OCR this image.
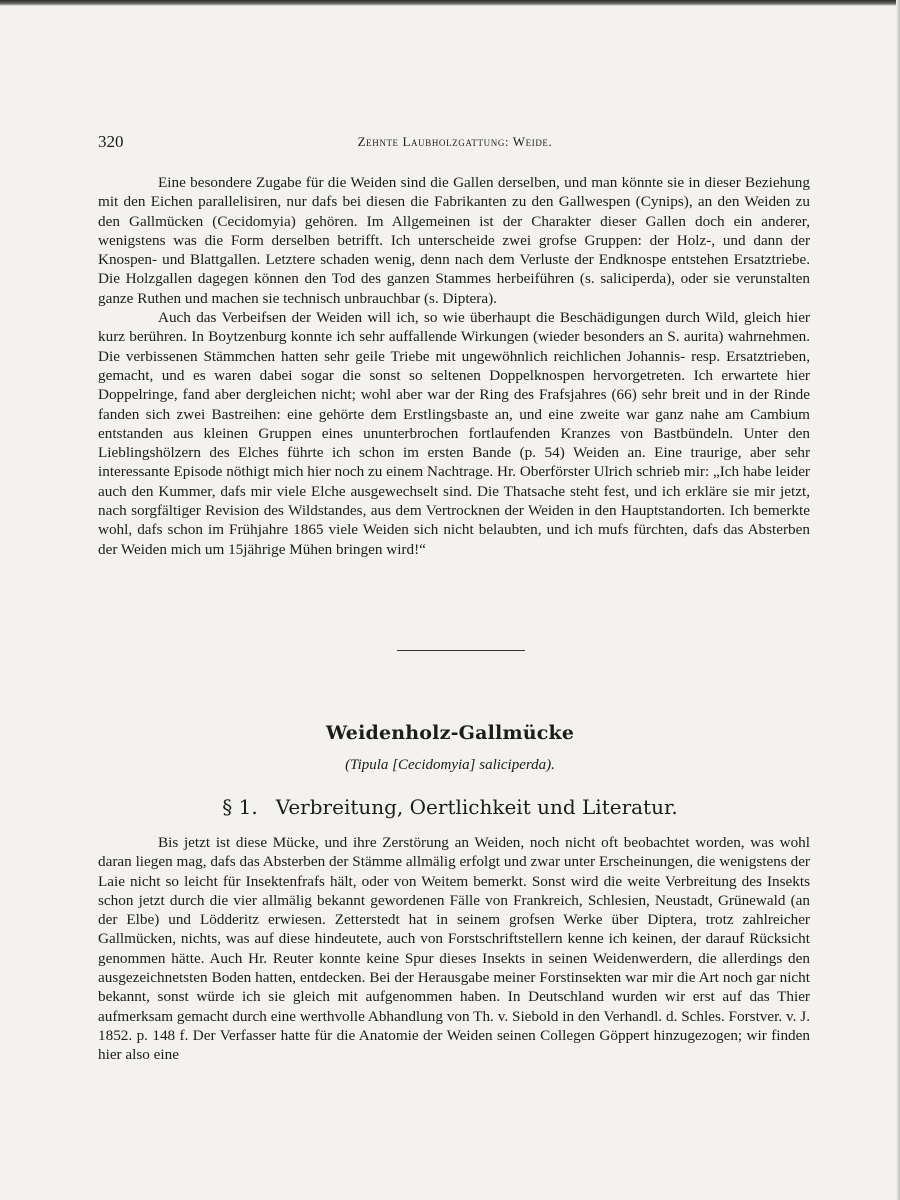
320	Zehnte Laubholzgattung: Weide.

Eine besondere Zugabe für die Weiden sind die Gallen derselben, und man könnte sie in dieser Beziehung mit den Eichen parallelisiren, nur dafs bei diesen die Fabrikanten zu den Gallwespen (Cynips), an den Weiden zu den Gallmücken (Cecidomyia) gehören. Im Allgemeinen ist der Charakter dieser Gallen doch ein anderer, wenigstens was die Form derselben betrifft. Ich unterscheide zwei grofse Gruppen: der Holz-, und dann der Knospen- und Blattgallen. Letztere schaden wenig, denn nach dem Verluste der Endknospe entstehen Ersatztriebe. Die Holzgallen dagegen können den Tod des ganzen Stammes herbeiführen (s. saliciperda), oder sie verunstalten ganze Ruthen und machen sie technisch unbrauchbar (s. Diptera).

Auch das Verbeifsen der Weiden will ich, so wie überhaupt die Beschädigungen durch Wild, gleich hier kurz berühren. In Boytzenburg konnte ich sehr auffallende Wirkungen (wieder besonders an S. aurita) wahrnehmen. Die verbissenen Stämmchen hatten sehr geile Triebe mit ungewöhnlich reichlichen Johannis- resp. Ersatztrieben, gemacht, und es waren dabei sogar die sonst so seltenen Doppelknospen hervorgetreten. Ich erwartete hier Doppelringe, fand aber dergleichen nicht; wohl aber war der Ring des Frafsjahres (66) sehr breit und in der Rinde fanden sich zwei Bastreihen: eine gehörte dem Erstlingsbaste an, und eine zweite war ganz nahe am Cambium entstanden aus kleinen Gruppen eines ununterbrochen fortlaufenden Kranzes von Bastbündeln. Unter den Lieblingshölzern des Elches führte ich schon im ersten Bande (p. 54) Weiden an. Eine traurige, aber sehr interessante Episode nöthigt mich hier noch zu einem Nachtrage. Hr. Oberförster Ulrich schrieb mir: „Ich habe leider auch den Kummer, dafs mir viele Elche ausgewechselt sind. Die Thatsache steht fest, und ich erkläre sie mir jetzt, nach sorgfältiger Revision des Wildstandes, aus dem Vertrocknen der Weiden in den Hauptstandorten. Ich bemerkte wohl, dafs schon im Frühjahre 1865 viele Weiden sich nicht belaubten, und ich mufs fürchten, dafs das Absterben der Weiden mich um 15jährige Mühen bringen wird!“

Weidenholz-Gallmücke
(Tipula [Cecidomyia] saliciperda).
§ 1. Verbreitung, Oertlichkeit und Literatur.

Bis jetzt ist diese Mücke, und ihre Zerstörung an Weiden, noch nicht oft beobachtet worden, was wohl daran liegen mag, dafs das Absterben der Stämme allmälig erfolgt und zwar unter Erscheinungen, die wenigstens der Laie nicht so leicht für Insektenfrafs hält, oder von Weitem bemerkt. Sonst wird die weite Verbreitung des Insekts schon jetzt durch die vier allmälig bekannt gewordenen Fälle von Frankreich, Schlesien, Neustadt, Grünewald (an der Elbe) und Lödderitz erwiesen. Zetterstedt hat in seinem grofsen Werke über Diptera, trotz zahlreicher Gallmücken, nichts, was auf diese hindeutete, auch von Forstschriftstellern kenne ich keinen, der darauf Rücksicht genommen hätte. Auch Hr. Reuter konnte keine Spur dieses Insekts in seinen Weidenwerdern, die allerdings den ausgezeichnetsten Boden hatten, entdecken. Bei der Herausgabe meiner Forstinsekten war mir die Art noch gar nicht bekannt, sonst würde ich sie gleich mit aufgenommen haben. In Deutschland wurden wir erst auf das Thier aufmerksam gemacht durch eine werthvolle Abhandlung von Th. v. Siebold in den Verhandl. d. Schles. Forstver. v. J. 1852. p. 148 f. Der Verfasser hatte für die Anatomie der Weiden seinen Collegen Göppert hinzugezogen; wir finden hier also eine
